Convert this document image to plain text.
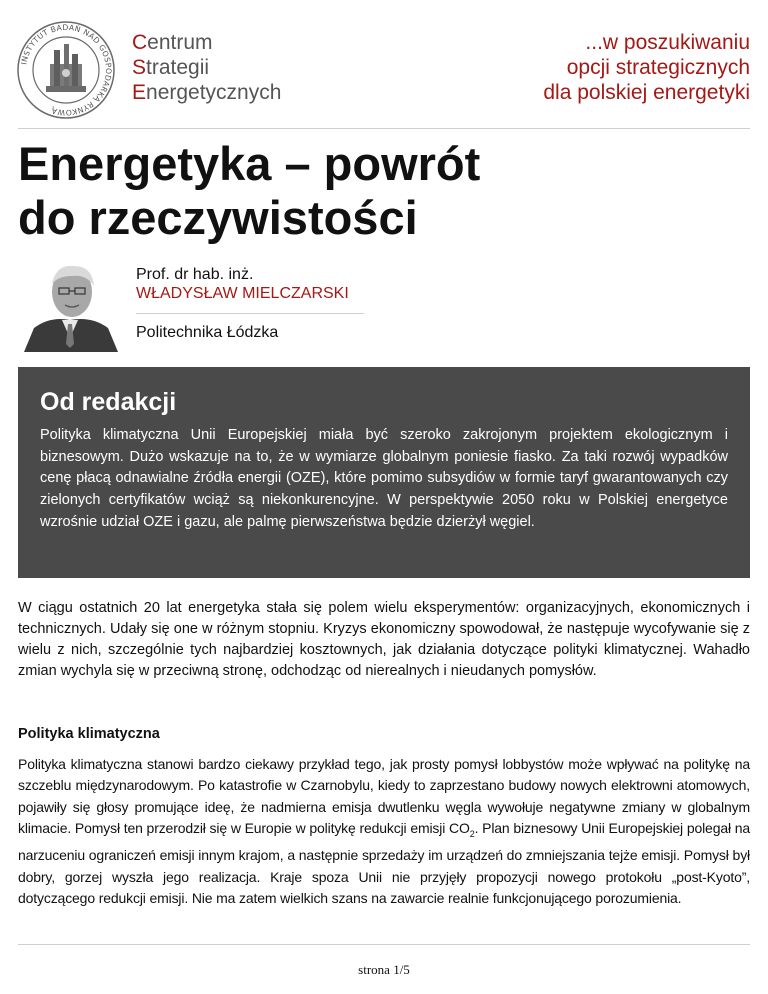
INSTYTUT BADAŃ NAD GOSPODARKĄ RYNKOWĄ
Centrum
Strategii
Energetycznych
...w poszukiwaniu
opcji strategicznych
dla polskiej energetyki
Energetyka – powrót
do rzeczywistości
Prof. dr hab. inż.
WŁADYSŁAW MIELCZARSKI
Politechnika Łódzka
Od redakcji

Polityka klimatyczna Unii Europejskiej miała być szeroko zakrojonym projektem ekologicznym i biznesowym. Dużo wskazuje na to, że w wymiarze globalnym poniesie fiasko. Za taki rozwój wypadków cenę płacą odnawialne źródła energii (OZE), które pomimo subsydiów w formie taryf gwarantowanych czy zielonych certyfikatów wciąż są niekonkurencyjne. W perspektywie 2050 roku w Polskiej energetyce wzrośnie udział OZE i gazu, ale palmę pierwszeństwa będzie dzierżył węgiel.

W ciągu ostatnich 20 lat energetyka stała się polem wielu eksperymentów: organizacyjnych, ekonomicznych i technicznych. Udały się one w różnym stopniu. Kryzys ekonomiczny spowodował, że następuje wycofywanie się z wielu z nich, szczególnie tych najbardziej kosztownych, jak działania dotyczące polityki klimatycznej. Wahadło zmian wychyla się w przeciwną stronę, odchodząc od nierealnych i nieudanych pomysłów.

Polityka klimatyczna

Polityka klimatyczna stanowi bardzo ciekawy przykład tego, jak prosty pomysł lobbystów może wpływać na politykę na szczeblu międzynarodowym. Po katastrofie w Czarnobylu, kiedy to zaprzestano budowy nowych elektrowni atomowych, pojawiły się głosy promujące ideę, że nadmierna emisja dwutlenku węgla wywołuje negatywne zmiany w globalnym klimacie. Pomysł ten przerodził się w Europie w politykę redukcji emisji $CO_2$. Plan biznesowy Unii Europejskiej polegał na narzuceniu ograniczeń emisji innym krajom, a następnie sprzedaży im urządzeń do zmniejszania tejże emisji. Pomysł był dobry, gorzej wyszła jego realizacja. Kraje spoza Unii nie przyjęły propozycji nowego protokołu „post-Kyoto”, dotyczącego redukcji emisji. Nie ma zatem wielkich szans na zawarcie realnie funkcjonującego porozumienia.

strona 1/5
